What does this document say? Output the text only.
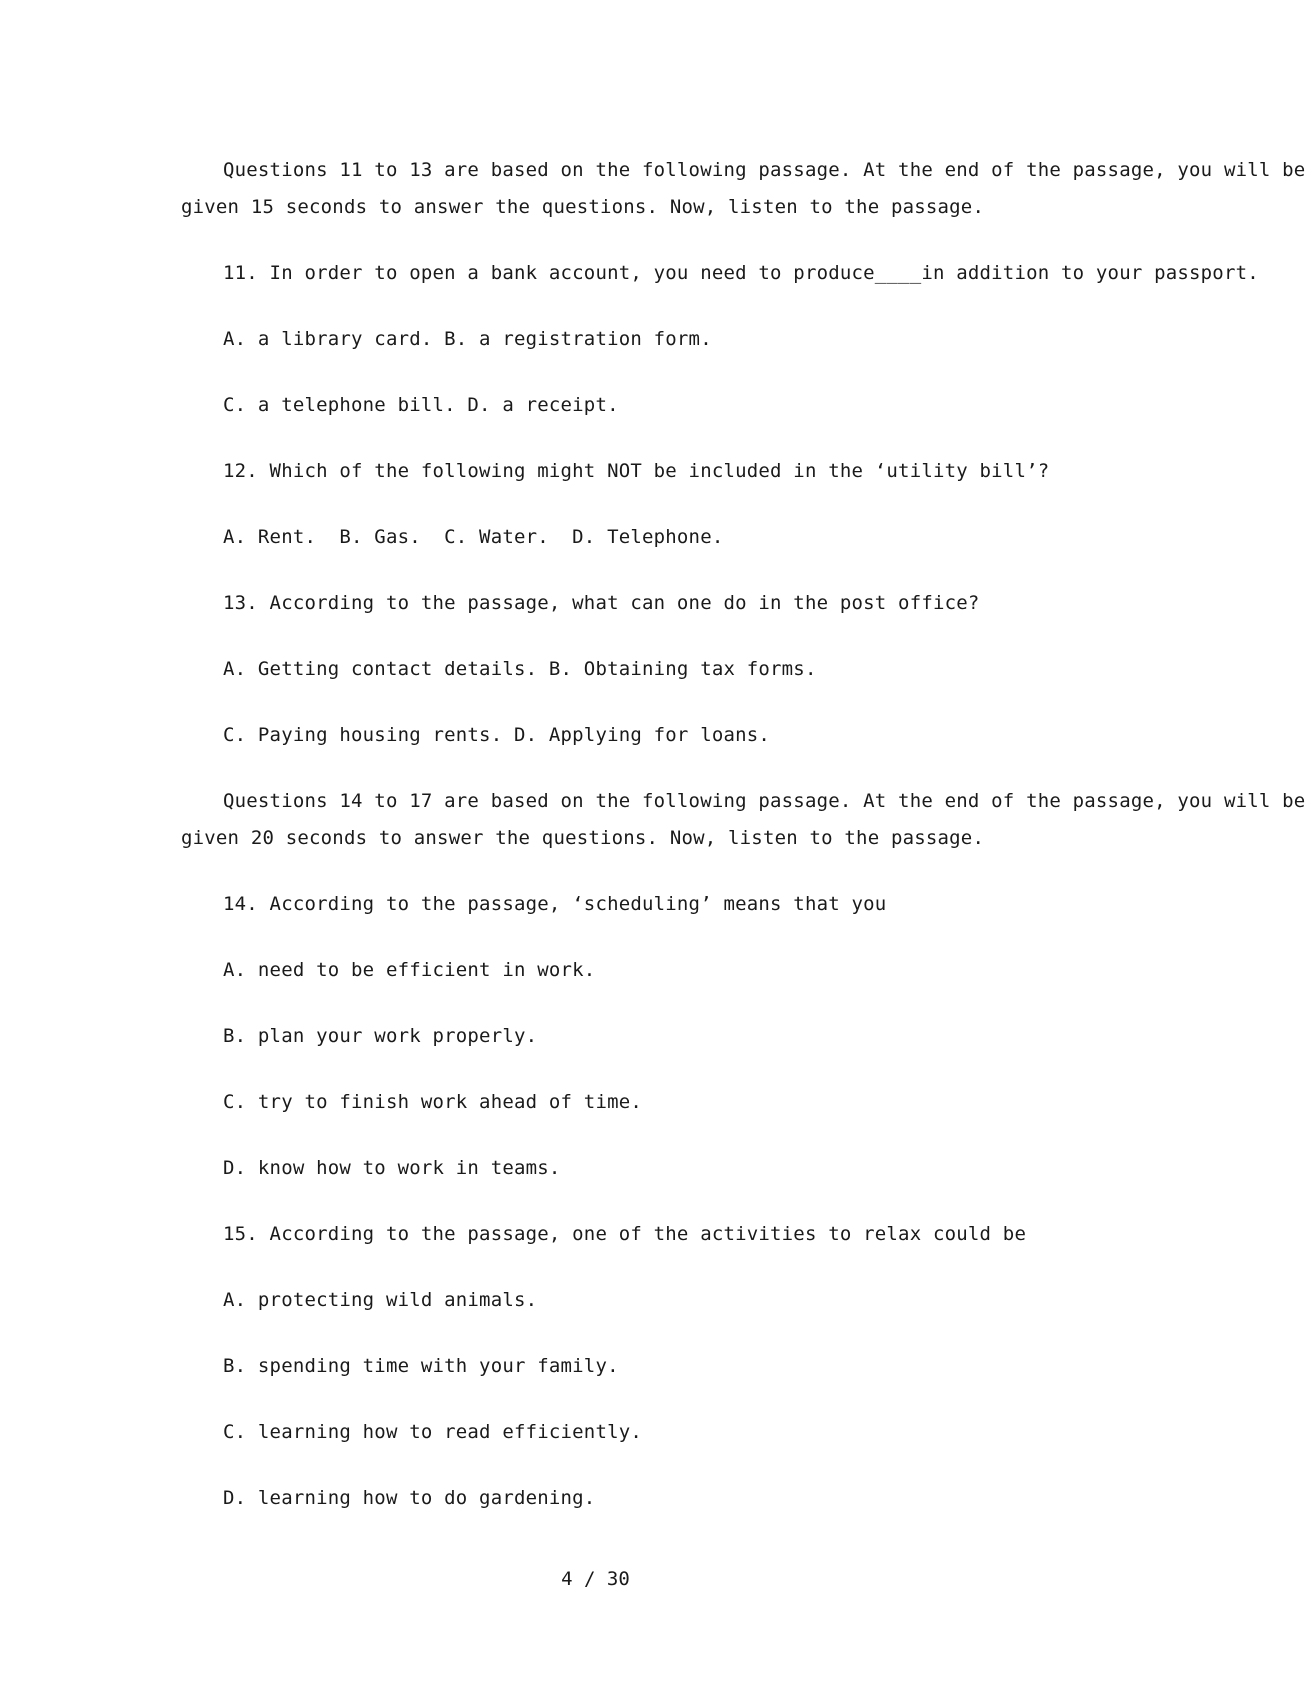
Questions 11 to 13 are based on the following passage. At the end of the passage, you will be
given 15 seconds to answer the questions. Now, listen to the passage.
11. In order to open a bank account, you need to produce____in addition to your passport.
A. a library card. B. a registration form.
C. a telephone bill. D. a receipt.
12. Which of the following might NOT be included in the ‘utility bill’?
A. Rent.  B. Gas.  C. Water.  D. Telephone.
13. According to the passage, what can one do in the post office?
A. Getting contact details. B. Obtaining tax forms.
C. Paying housing rents. D. Applying for loans.
Questions 14 to 17 are based on the following passage. At the end of the passage, you will be
given 20 seconds to answer the questions. Now, listen to the passage.
14. According to the passage, ‘scheduling’ means that you
A. need to be efficient in work.
B. plan your work properly.
C. try to finish work ahead of time.
D. know how to work in teams.
15. According to the passage, one of the activities to relax could be
A. protecting wild animals.
B. spending time with your family.
C. learning how to read efficiently.
D. learning how to do gardening.
4 / 30
